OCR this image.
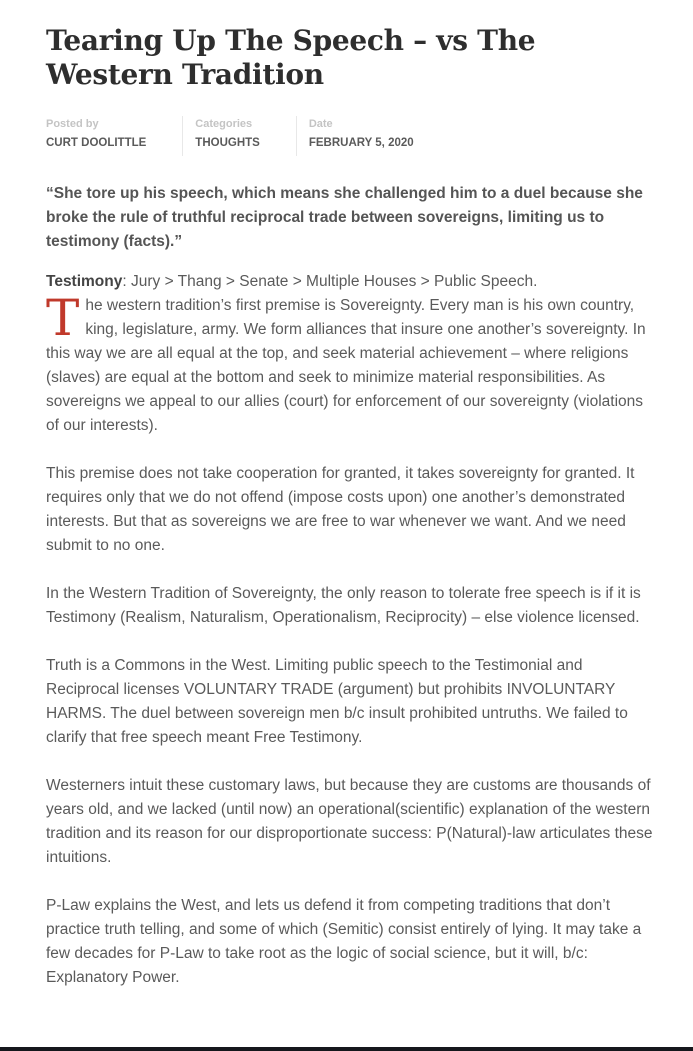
Tearing Up The Speech – vs The Western Tradition
Posted by
CURT DOOLITTLE
Categories
THOUGHTS
Date
FEBRUARY 5, 2020

“She tore up his speech, which means she challenged him to a duel because she broke the rule of truthful reciprocal trade between sovereigns, limiting us to testimony (facts).”

Testimony: Jury > Thang > Senate > Multiple Houses > Public Speech.

The western tradition’s first premise is Sovereignty. Every man is his own country, king, legislature, army. We form alliances that insure one another’s sovereignty. In this way we are all equal at the top, and seek material achievement – where religions (slaves) are equal at the bottom and seek to minimize material responsibilities. As sovereigns we appeal to our allies (court) for enforcement of our sovereignty (violations of our interests).

This premise does not take cooperation for granted, it takes sovereignty for granted. It requires only that we do not offend (impose costs upon) one another’s demonstrated interests. But that as sovereigns we are free to war whenever we want. And we need submit to no one.

In the Western Tradition of Sovereignty, the only reason to tolerate free speech is if it is Testimony (Realism, Naturalism, Operationalism, Reciprocity) – else violence licensed.

Truth is a Commons in the West. Limiting public speech to the Testimonial and Reciprocal licenses VOLUNTARY TRADE (argument) but prohibits INVOLUNTARY HARMS. The duel between sovereign men b/c insult prohibited untruths. We failed to clarify that free speech meant Free Testimony.

Westerners intuit these customary laws, but because they are customs are thousands of years old, and we lacked (until now) an operational(scientific) explanation of the western tradition and its reason for our disproportionate success: P(Natural)-law articulates these intuitions.

P-Law explains the West, and lets us defend it from competing traditions that don’t practice truth telling, and some of which (Semitic) consist entirely of lying. It may take a few decades for P-Law to take root as the logic of social science, but it will, b/c: Explanatory Power.
